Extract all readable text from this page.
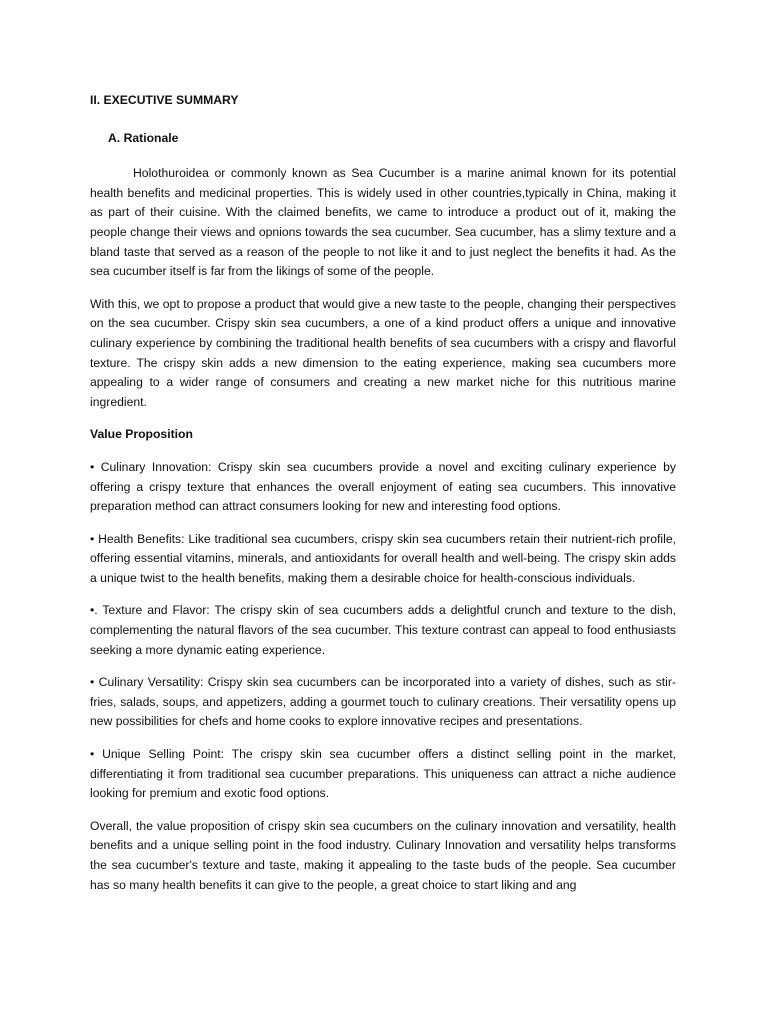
II. EXECUTIVE SUMMARY

A. Rationale

Holothuroidea or commonly known as Sea Cucumber is a marine animal known for its potential health benefits and medicinal properties. This is widely used in other countries,typically in China, making it as part of their cuisine. With the claimed benefits, we came to introduce a product out of it, making the people change their views and opnions towards the sea cucumber. Sea cucumber, has a slimy texture and a bland taste that served as a reason of the people to not like it and to just neglect the benefits it had. As the sea cucumber itself is far from the likings of some of the people.

With this, we opt to propose a product that would give a new taste to the people, changing their perspectives on the sea cucumber. Crispy skin sea cucumbers, a one of a kind product offers a unique and innovative culinary experience by combining the traditional health benefits of sea cucumbers with a crispy and flavorful texture. The crispy skin adds a new dimension to the eating experience, making sea cucumbers more appealing to a wider range of consumers and creating a new market niche for this nutritious marine ingredient.

Value Proposition

• Culinary Innovation: Crispy skin sea cucumbers provide a novel and exciting culinary experience by offering a crispy texture that enhances the overall enjoyment of eating sea cucumbers. This innovative preparation method can attract consumers looking for new and interesting food options.

• Health Benefits: Like traditional sea cucumbers, crispy skin sea cucumbers retain their nutrient-rich profile, offering essential vitamins, minerals, and antioxidants for overall health and well-being. The crispy skin adds a unique twist to the health benefits, making them a desirable choice for health-conscious individuals.

•. Texture and Flavor: The crispy skin of sea cucumbers adds a delightful crunch and texture to the dish, complementing the natural flavors of the sea cucumber. This texture contrast can appeal to food enthusiasts seeking a more dynamic eating experience.

• Culinary Versatility: Crispy skin sea cucumbers can be incorporated into a variety of dishes, such as stir-fries, salads, soups, and appetizers, adding a gourmet touch to culinary creations. Their versatility opens up new possibilities for chefs and home cooks to explore innovative recipes and presentations.

• Unique Selling Point: The crispy skin sea cucumber offers a distinct selling point in the market, differentiating it from traditional sea cucumber preparations. This uniqueness can attract a niche audience looking for premium and exotic food options.

Overall, the value proposition of crispy skin sea cucumbers on the culinary innovation and versatility, health benefits and a unique selling point in the food industry. Culinary Innovation and versatility helps transforms the sea cucumber's texture and taste, making it appealing to the taste buds of the people. Sea cucumber has so many health benefits it can give to the people, a great choice to start liking and ang
